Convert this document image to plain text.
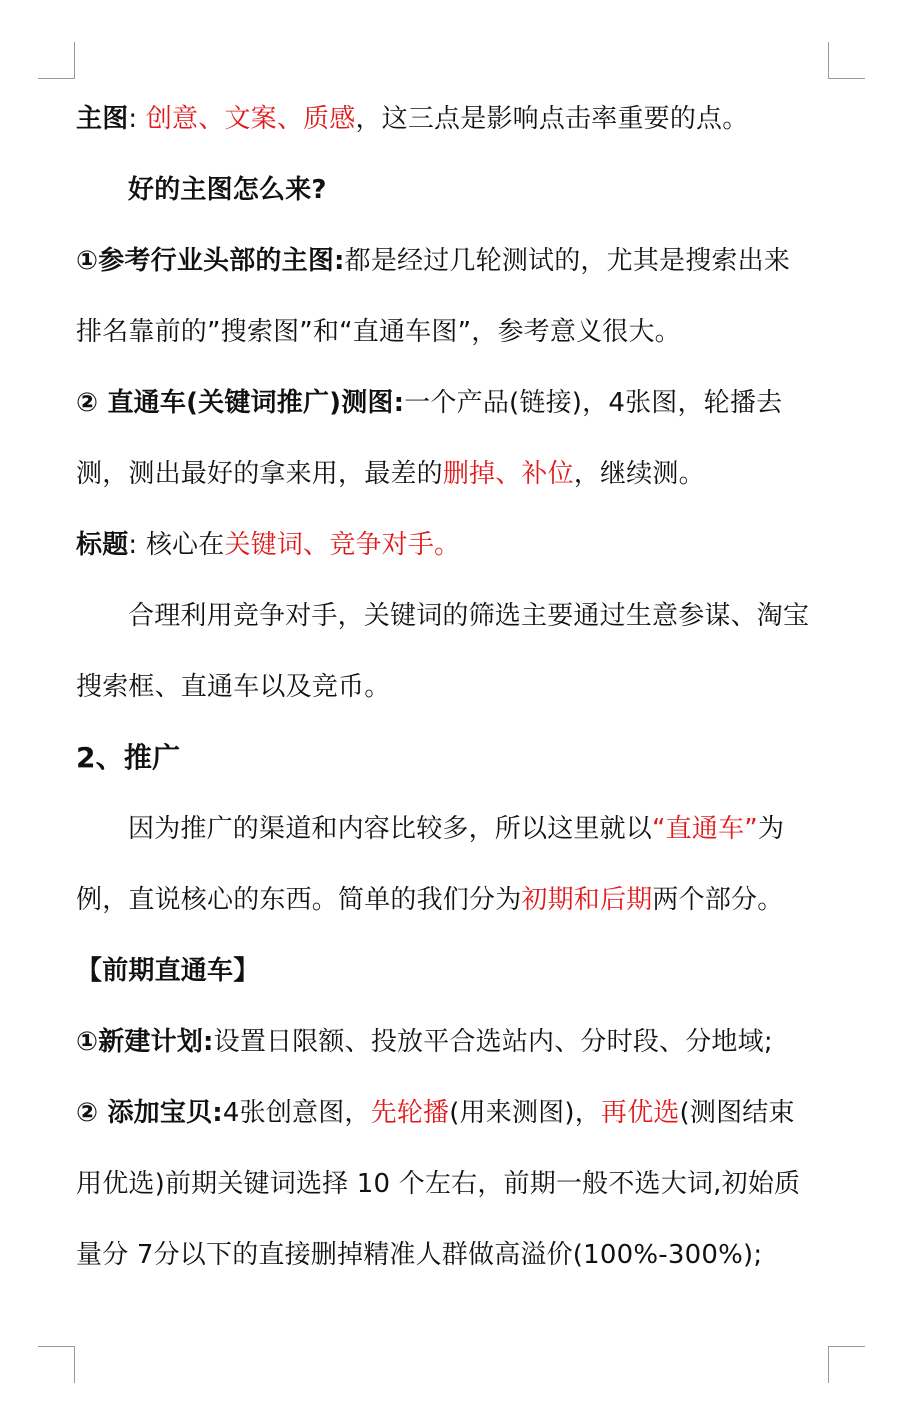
主图: 创意、文案、质感，这三点是影响点击率重要的点。
好的主图怎么来?
①参考行业头部的主图:都是经过几轮测试的，尤其是搜索出来
排名靠前的”搜索图”和“直通车图”，参考意义很大。
② 直通车(关键词推广)测图:一个产品(链接)，4张图，轮播去
测，测出最好的拿来用，最差的删掉、补位，继续测。
标题: 核心在关键词、竞争对手。
合理利用竞争对手，关键词的筛选主要通过生意参谋、淘宝
搜索框、直通车以及竞币。
2、推广
因为推广的渠道和内容比较多，所以这里就以“直通车”为
例，直说核心的东西。简单的我们分为初期和后期两个部分。
【前期直通车】
①新建计划:设置日限额、投放平合选站内、分时段、分地域;
② 添加宝贝:4张创意图，先轮播(用来测图)，再优选(测图结束
用优选)前期关键词选择 10 个左右，前期一般不选大词,初始质
量分 7分以下的直接删掉精准人群做高溢价(100%-300%);
